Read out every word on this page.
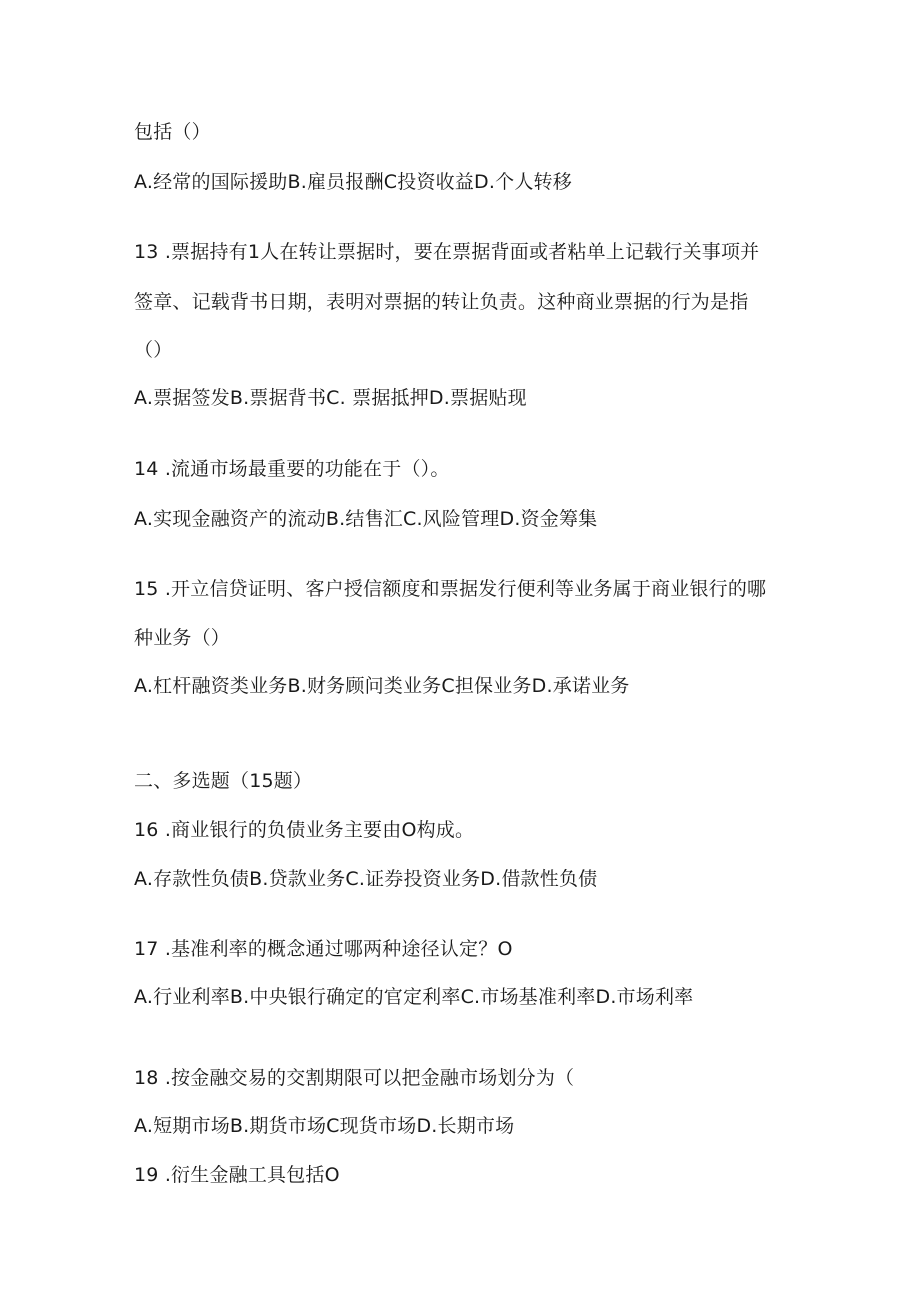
包括（）
A.经常的国际援助B.雇员报酬C投资收益D.个人转移
13 .票据持有1人在转让票据时，要在票据背面或者粘单上记载行关事项并
签章、记载背书日期，表明对票据的转让负责。这种商业票据的行为是指
（）
A.票据签发B.票据背书C. 票据抵押D.票据贴现
14 .流通市场最重要的功能在于（）。
A.实现金融资产的流动B.结售汇C.风险管理D.资金筹集
15 .开立信贷证明、客户授信额度和票据发行便利等业务属于商业银行的哪
种业务（）
A.杠杆融资类业务B.财务顾问类业务C担保业务D.承诺业务
二、多选题（15题）
16 .商业银行的负债业务主要由O构成。
A.存款性负债B.贷款业务C.证券投资业务D.借款性负债
17 .基准利率的概念通过哪两种途径认定？O
A.行业利率B.中央银行确定的官定利率C.市场基准利率D.市场利率
18 .按金融交易的交割期限可以把金融市场划分为（
A.短期市场B.期货市场C现货市场D.长期市场
19 .衍生金融工具包括O
